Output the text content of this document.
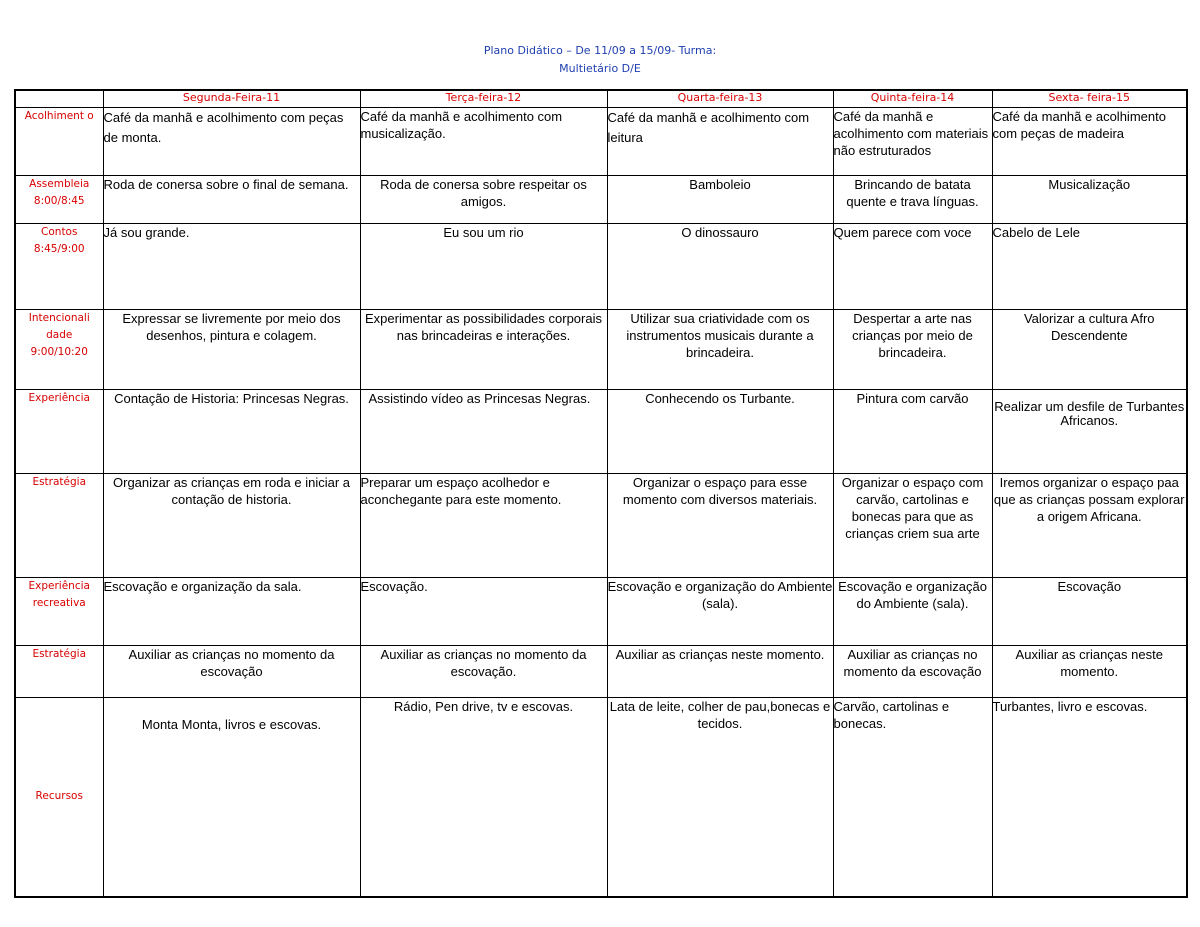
Plano Didático – De 11/09 a 15/09- Turma:
Multietário D/E
	Segunda-Feira-11	Terça-feira-12	Quarta-feira-13	Quinta-feira-14	Sexta- feira-15
Acolhiment o	Café da manhã e acolhimento com peças de monta.	Café da manhã e acolhimento com musicalização.	Café da manhã e acolhimento com leitura	Café da manhã e acolhimento com materiais não estruturados	Café da manhã e acolhimento com peças de madeira
Assembleia 8:00/8:45	Roda de conersa sobre o final de semana.	Roda de conersa sobre respeitar os amigos.	Bamboleio	Brincando de batata quente e trava línguas.	Musicalização
Contos 8:45/9:00	Já sou grande.	Eu sou um rio	O dinossauro	Quem parece com voce	Cabelo de Lele
Intencionali dade 9:00/10:20	Expressar se livremente por meio dos desenhos, pintura e colagem.	Experimentar as possibilidades corporais nas brincadeiras e interações.	Utilizar sua criatividade com os instrumentos musicais durante a brincadeira.	Despertar a arte nas crianças por meio de brincadeira.	Valorizar a cultura Afro Descendente
Experiência	Contação de Historia: Princesas Negras.	Assistindo vídeo as Princesas Negras.	Conhecendo os Turbante.	Pintura com carvão	Realizar um desfile de Turbantes Africanos.
Estratégia	Organizar as crianças em roda e iniciar a contação de historia.	Preparar um espaço acolhedor e aconchegante para este momento.	Organizar o espaço para esse momento com diversos materiais.	Organizar o espaço com carvão, cartolinas e bonecas para que as crianças criem sua arte	Iremos organizar o espaço paa que as crianças possam explorar a origem Africana.
Experiência recreativa	Escovação e organização da sala.	Escovação.	Escovação e organização do Ambiente (sala).	Escovação e organização do Ambiente (sala).	Escovação
Estratégia	Auxiliar as crianças no momento da escovação	Auxiliar as crianças no momento da escovação.	Auxiliar as crianças neste momento.	Auxiliar as crianças no momento da escovação	Auxiliar as crianças neste momento.
Recursos	Monta Monta, livros e escovas.	Rádio, Pen drive, tv e escovas.	Lata de leite, colher de pau,bonecas e tecidos.	Carvão, cartolinas e bonecas.	Turbantes, livro e escovas.
